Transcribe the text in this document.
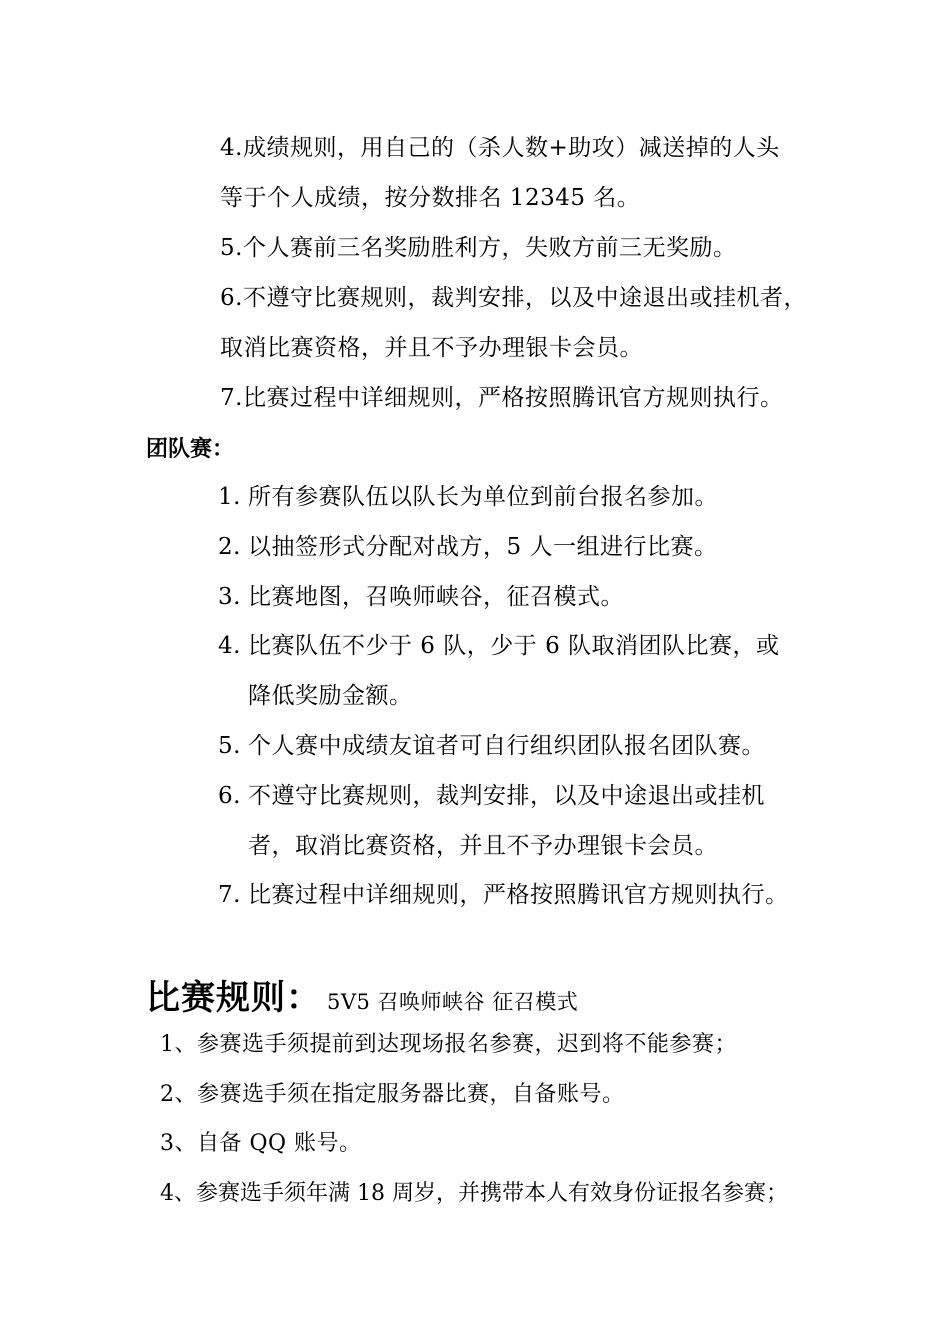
4.成绩规则，用自己的（杀人数+助攻）减送掉的人头
等于个人成绩，按分数排名 12345 名。
5.个人赛前三名奖励胜利方，失败方前三无奖励。
6.不遵守比赛规则，裁判安排，以及中途退出或挂机者，
取消比赛资格，并且不予办理银卡会员。
7.比赛过程中详细规则，严格按照腾讯官方规则执行。
团队赛：
1. 所有参赛队伍以队长为单位到前台报名参加。
2. 以抽签形式分配对战方，5 人一组进行比赛。
3. 比赛地图，召唤师峡谷，征召模式。
4. 比赛队伍不少于 6 队，少于 6 队取消团队比赛，或
降低奖励金额。
5. 个人赛中成绩友谊者可自行组织团队报名团队赛。
6. 不遵守比赛规则，裁判安排，以及中途退出或挂机
者，取消比赛资格，并且不予办理银卡会员。
7. 比赛过程中详细规则，严格按照腾讯官方规则执行。
比赛规则： 5V5 召唤师峡谷 征召模式
1、参赛选手须提前到达现场报名参赛，迟到将不能参赛；
2、参赛选手须在指定服务器比赛，自备账号。
3、自备 QQ 账号。
4、参赛选手须年满 18 周岁，并携带本人有效身份证报名参赛；
